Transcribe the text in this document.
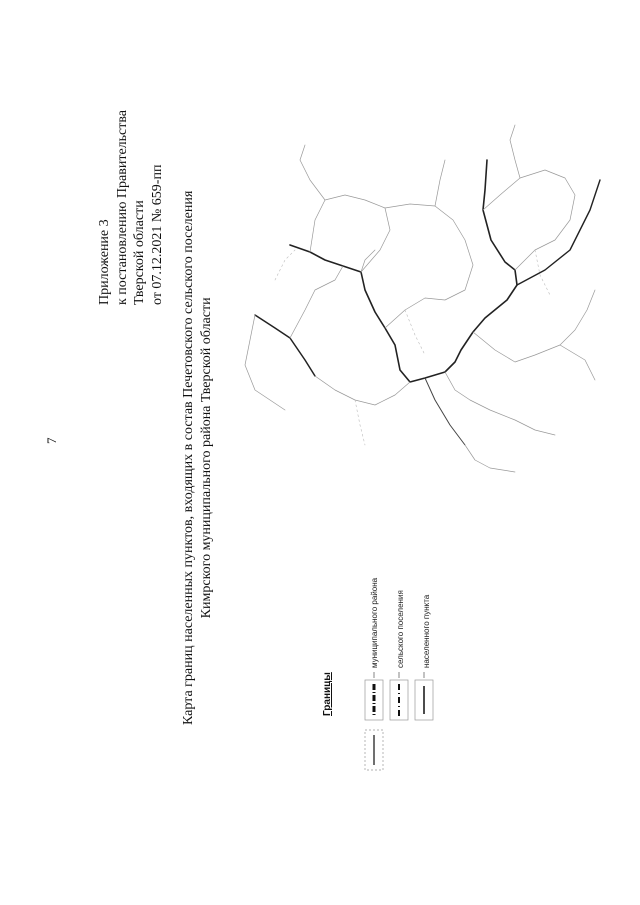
7
Приложение 3 к постановлению Правительства Тверской области от 07.12.2021 № 659-пп Карта границ населенных пунктов, входящих в состав Печетовского сельского поселения Кимрского муниципального района Тверской области
Границы
муниципального района сельского поселения населенного пункта
